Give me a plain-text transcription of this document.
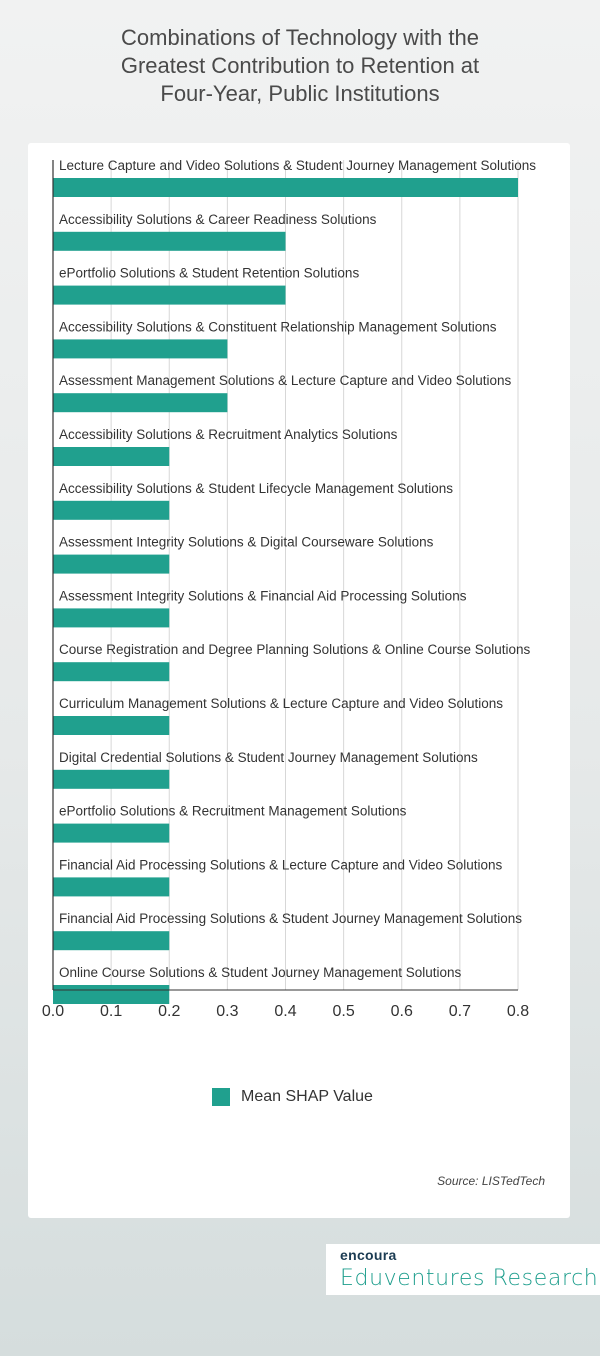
Combinations of Technology with the
Greatest Contribution to Retention at
Four-Year, Public Institutions
Lecture Capture and Video Solutions & Student Journey Management Solutions
Accessibility Solutions & Career Readiness Solutions
ePortfolio Solutions & Student Retention Solutions
Accessibility Solutions & Constituent Relationship Management Solutions
Assessment Management Solutions & Lecture Capture and Video Solutions
Accessibility Solutions & Recruitment Analytics Solutions
Accessibility Solutions & Student Lifecycle Management Solutions
Assessment Integrity Solutions & Digital Courseware Solutions
Assessment Integrity Solutions & Financial Aid Processing Solutions
Course Registration and Degree Planning Solutions & Online Course Solutions
Curriculum Management Solutions & Lecture Capture and Video Solutions
Digital Credential Solutions & Student Journey Management Solutions
ePortfolio Solutions & Recruitment Management Solutions
Financial Aid Processing Solutions & Lecture Capture and Video Solutions
Financial Aid Processing Solutions & Student Journey Management Solutions
Online Course Solutions & Student Journey Management Solutions
0.0 0.1 0.2 0.3 0.4 0.5 0.6 0.7 0.8
Mean SHAP Value
Source: LISTedTech
encoura
Eduventures Research
